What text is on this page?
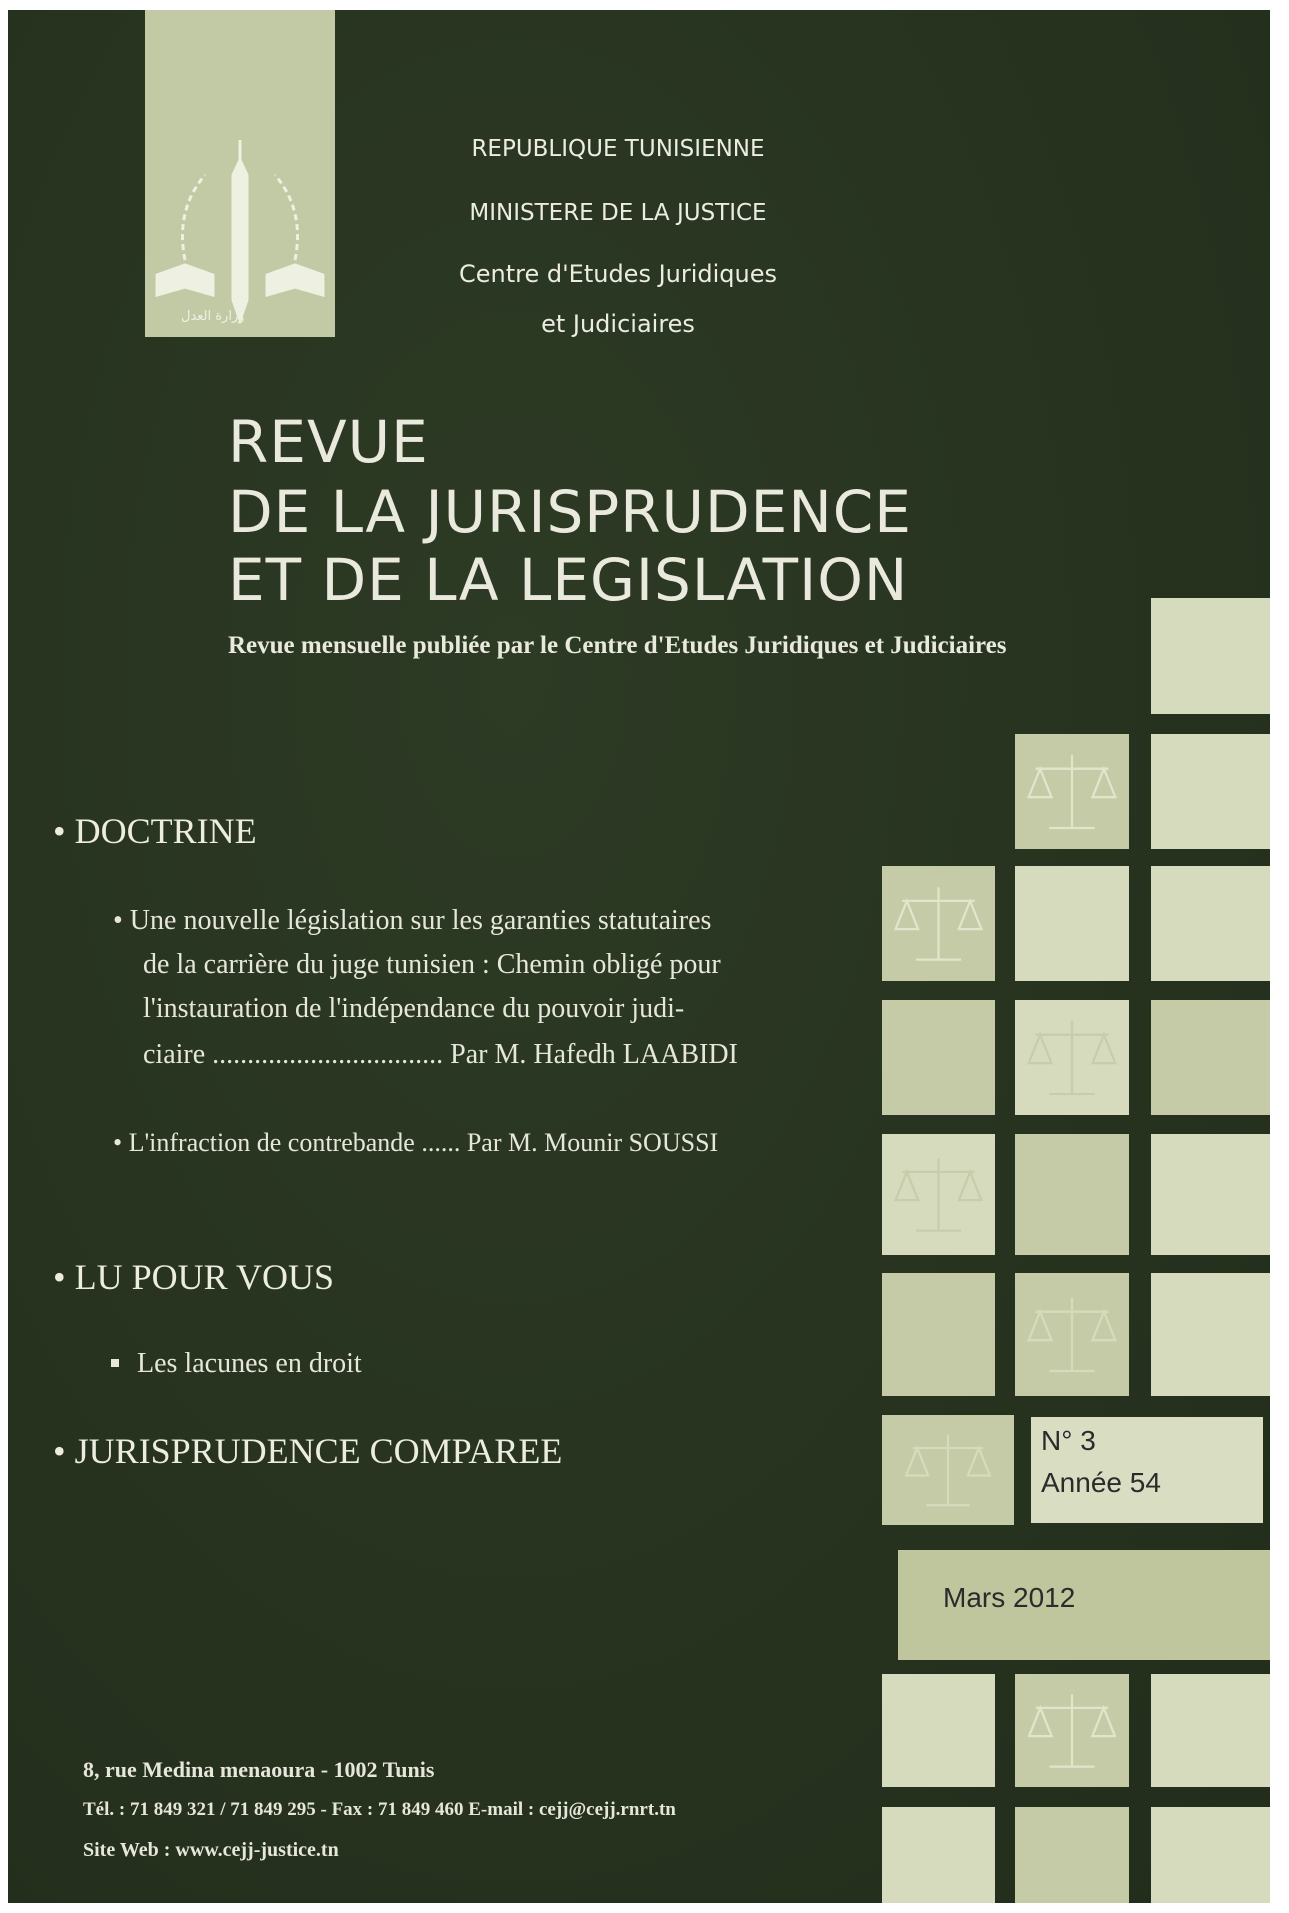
وزارة العدل
REPUBLIQUE TUNISIENNE
MINISTERE DE LA JUSTICE
Centre d'Etudes Juridiques
et Judiciaires
REVUE
DE LA JURISPRUDENCE
ET DE LA LEGISLATION
Revue mensuelle publiée par le Centre d'Etudes Juridiques et Judiciaires
N° 3
Année 54
Mars 2012
• DOCTRINE
• Une nouvelle législation sur les garanties statutaires
de la carrière du juge tunisien : Chemin obligé pour
l'instauration de l'indépendance du pouvoir judi-
ciaire ................................. Par M. Hafedh LAABIDI
• L'infraction de contrebande ...... Par M. Mounir SOUSSI
• LU POUR VOUS
Les lacunes en droit
• JURISPRUDENCE COMPAREE
8, rue Medina menaoura - 1002 Tunis
Tél. : 71 849 321 / 71 849 295 - Fax : 71 849 460 E-mail : cejj@cejj.rnrt.tn
Site Web : www.cejj-justice.tn
